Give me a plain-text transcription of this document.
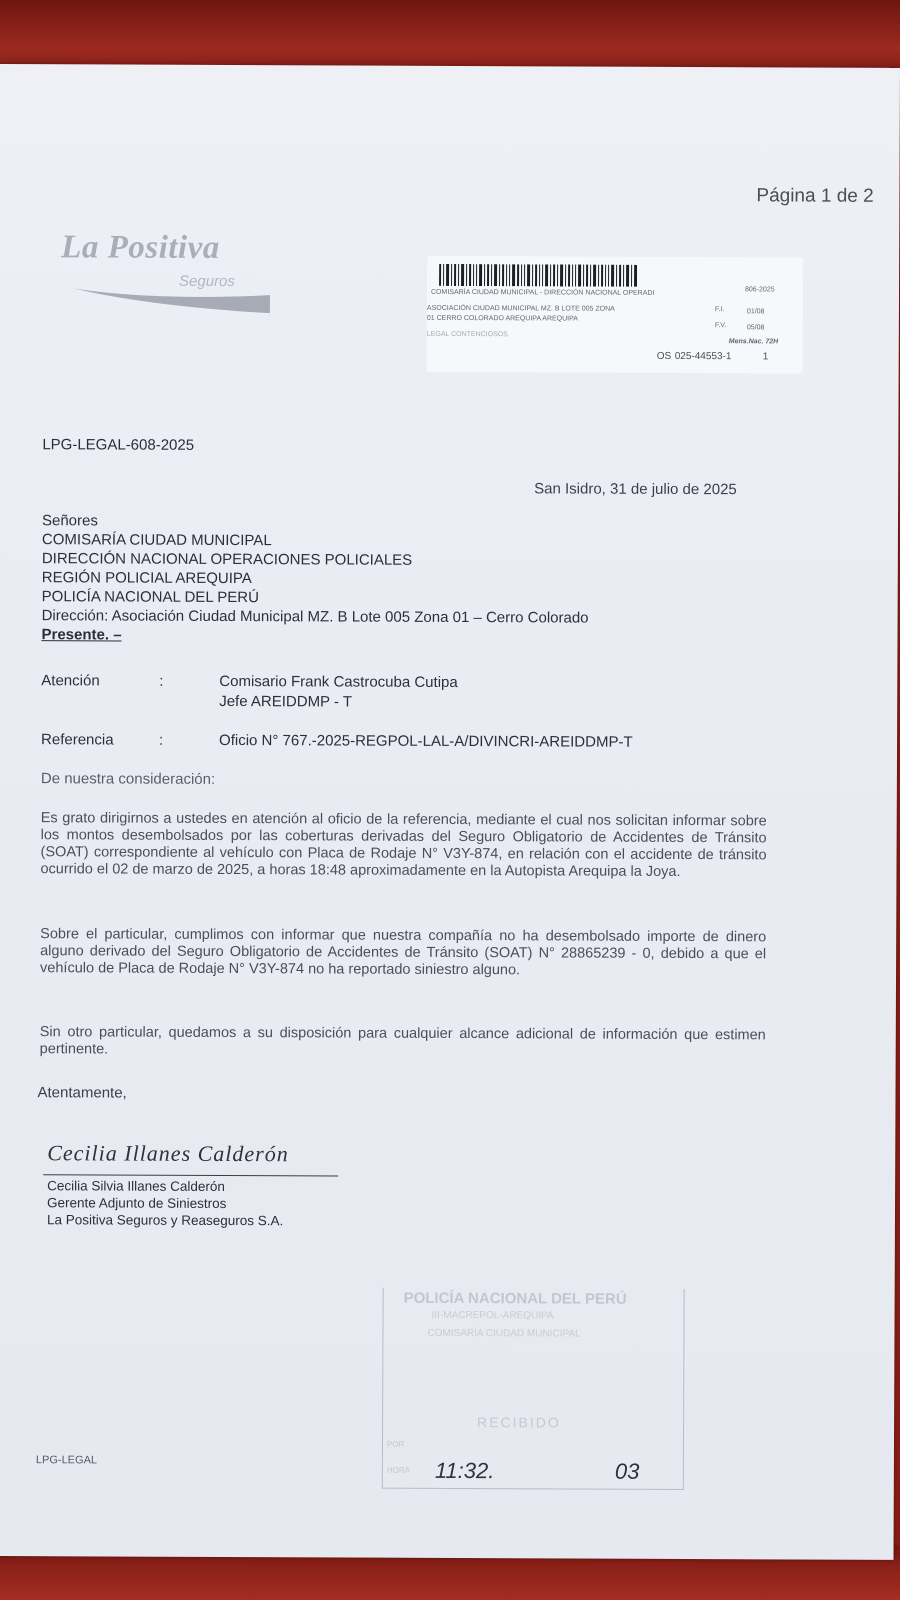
Página 1 de 2
La Positiva
Seguros	806-2025
COMISARÍA CIUDAD MUNICIPAL - DIRECCIÓN NACIONAL OPERADI
ASOCIACIÓN CIUDAD MUNICIPAL MZ. B LOTE 005 ZONA
01 CERRO COLORADO AREQUIPA AREQUIPA
F.I.	01/08
F.V.	05/08
Mens.Nac. 72H
LEGAL CONTENCIOSOS
OS 025-44553-1	1
LPG-LEGAL-608-2025
San Isidro, 31 de julio de 2025
Señores
COMISARÍA CIUDAD MUNICIPAL
DIRECCIÓN NACIONAL OPERACIONES POLICIALES
REGIÓN POLICIAL AREQUIPA
POLICÍA NACIONAL DEL PERÚ
Dirección: Asociación Ciudad Municipal MZ. B Lote 005 Zona 01 – Cerro Colorado
Presente. –
Atención	:	Comisario Frank Castrocuba Cutipa
Jefe AREIDDMP - T
Referencia	:	Oficio N° 767.-2025-REGPOL-LAL-A/DIVINCRI-AREIDDMP-T
De nuestra consideración:
Es grato dirigirnos a ustedes en atención al oficio de la referencia, mediante el cual nos solicitan informar sobre los montos desembolsados por las coberturas derivadas del Seguro Obligatorio de Accidentes de Tránsito (SOAT) correspondiente al vehículo con Placa de Rodaje N° V3Y-874, en relación con el accidente de tránsito ocurrido el 02 de marzo de 2025, a horas 18:48 aproximadamente en la Autopista Arequipa la Joya.
Sobre el particular, cumplimos con informar que nuestra compañía no ha desembolsado importe de dinero alguno derivado del Seguro Obligatorio de Accidentes de Tránsito (SOAT) N° 28865239 - 0, debido a que el vehículo de Placa de Rodaje N° V3Y-874 no ha reportado siniestro alguno.
Sin otro particular, quedamos a su disposición para cualquier alcance adicional de información que estimen pertinente.
Atentamente,
Cecilia Illanes Calderón
Cecilia Silvia Illanes Calderón
Gerente Adjunto de Siniestros
La Positiva Seguros y Reaseguros S.A.
POLICÍA NACIONAL DEL PERÚ
III-MACREPOL-AREQUIPA
COMISARÍA CIUDAD MUNICIPAL
RECIBIDO
POR
HORA 11:32.	03
LPG-LEGAL
